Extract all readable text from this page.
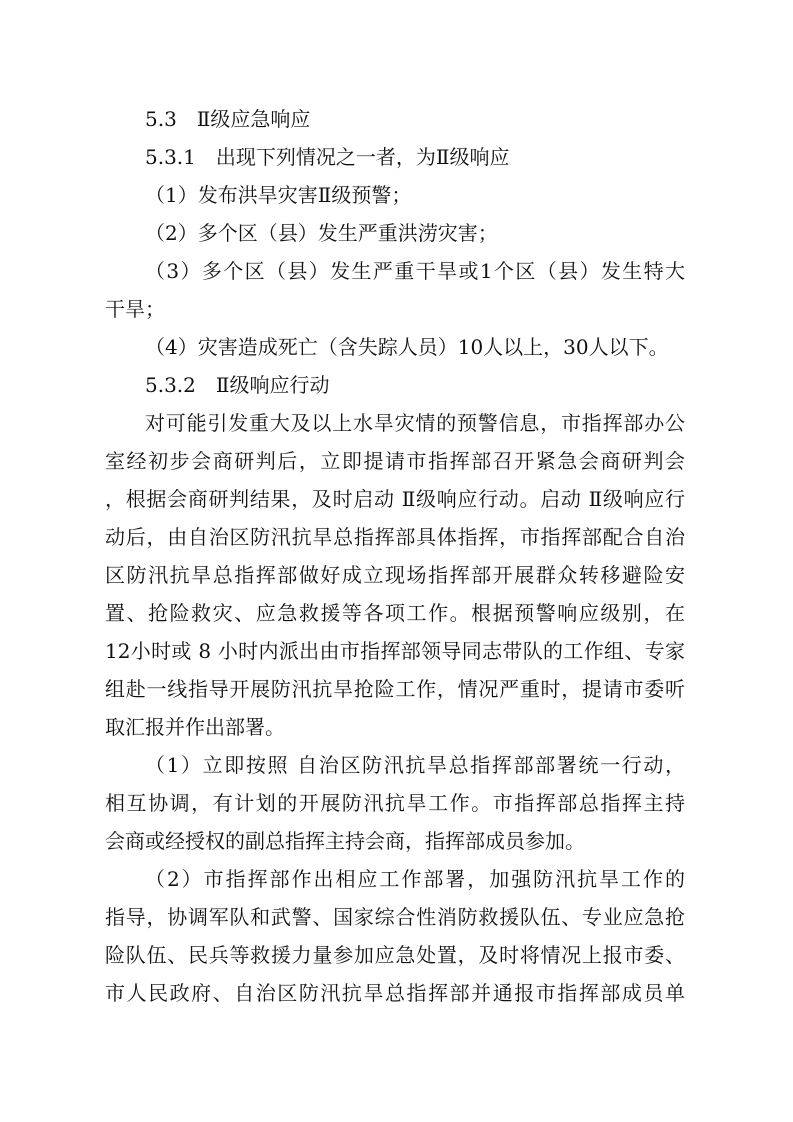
5.3　Ⅱ级应急响应

5.3.1　出现下列情况之一者，为Ⅱ级响应

（1）发布洪旱灾害Ⅱ级预警；

（2）多个区（县）发生严重洪涝灾害；

（3）多个区（县）发生严重干旱或1个区（县）发生特大

干旱；

（4）灾害造成死亡（含失踪人员）10人以上，30人以下。

5.3.2　Ⅱ级响应行动

对可能引发重大及以上水旱灾情的预警信息，市指挥部办公

室经初步会商研判后，立即提请市指挥部召开紧急会商研判会

，根据会商研判结果，及时启动 Ⅱ级响应行动。启动 Ⅱ级响应行

动后，由自治区防汛抗旱总指挥部具体指挥，市指挥部配合自治

区防汛抗旱总指挥部做好成立现场指挥部开展群众转移避险安

置、抢险救灾、应急救援等各项工作。根据预警响应级别，在

12小时或 8 小时内派出由市指挥部领导同志带队的工作组、专家

组赴一线指导开展防汛抗旱抢险工作，情况严重时，提请市委听

取汇报并作出部署。

（1）立即按照 自治区防汛抗旱总指挥部部署统一行动，

相互协调，有计划的开展防汛抗旱工作。市指挥部总指挥主持

会商或经授权的副总指挥主持会商，指挥部成员参加。

（2）市指挥部作出相应工作部署，加强防汛抗旱工作的

指导，协调军队和武警、国家综合性消防救援队伍、专业应急抢

险队伍、民兵等救援力量参加应急处置，及时将情况上报市委、

市人民政府、自治区防汛抗旱总指挥部并通报市指挥部成员单
